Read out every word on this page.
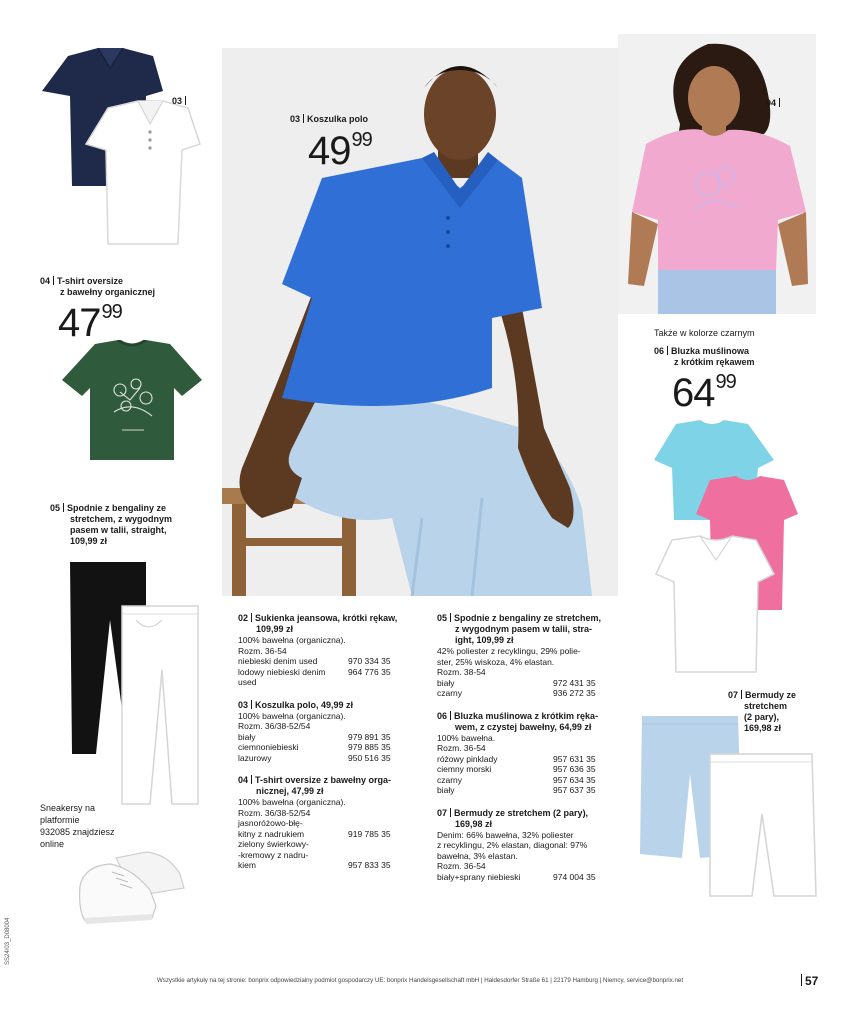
03
04 T-shirt oversize
z bawełny organicznej
4799
05 Spodnie z bengaliny ze
stretchem, z wygodnym
pasem w talii, straight,
109,99 zł
Sneakersy na
platformie
932085 znajdziesz
online
03 Koszulka polo
4999
04
Także w kolorze czarnym
06 Bluzka muślinowa
z krótkim rękawem
6499
07 Bermudy ze
stretchem
(2 pary),
169,98 zł
02 Sukienka jeansowa, krótki rękaw,
109,99 zł
100% bawełna (organiczna).
Rozm. 36-54
niebieski denim used	970 334 35
lodowy niebieski denim	964 776 35
used
03 Koszulka polo, 49,99 zł
100% bawełna (organiczna).
Rozm. 36/38-52/54
biały	979 891 35
ciemnoniebieski	979 885 35
lazurowy	950 516 35
04 T-shirt oversize z bawełny orga-
nicznej, 47,99 zł
100% bawełna (organiczna).
Rozm. 36/38-52/54
jasnoróżowo-błę-
kitny z nadrukiem	919 785 35
zielony świerkowy-
-kremowy z nadru-
kiem	957 833 35
05 Spodnie z bengaliny ze stretchem,
z wygodnym pasem w talii, stra-
ight, 109,99 zł
42% poliester z recyklingu, 29% polie-
ster, 25% wiskoza, 4% elastan.
Rozm. 38-54
biały	972 431 35
czarny	936 272 35
06 Bluzka muślinowa z krótkim ręka-
wem, z czystej bawełny, 64,99 zł
100% bawełna.
Rozm. 36-54
różowy pinklady	957 631 35
ciemny morski	957 636 35
czarny	957 634 35
biały	957 637 35
07 Bermudy ze stretchem (2 pary),
169,98 zł
Denim: 66% bawełna, 32% poliester
z recyklingu, 2% elastan, diagonal: 97%
bawełna, 3% elastan.
Rozm. 36-54
biały+sprany niebieski	974 004 35
SS24/03_D08004
Wszystkie artykuły na tej stronie: bonprix odpowiedzialny podmiot gospodarczy UE: bonprix Handelsgesellschaft mbH | Haldesdorfer Straße 61 | 22179 Hamburg | Niemcy, service@bonprix.net	57
